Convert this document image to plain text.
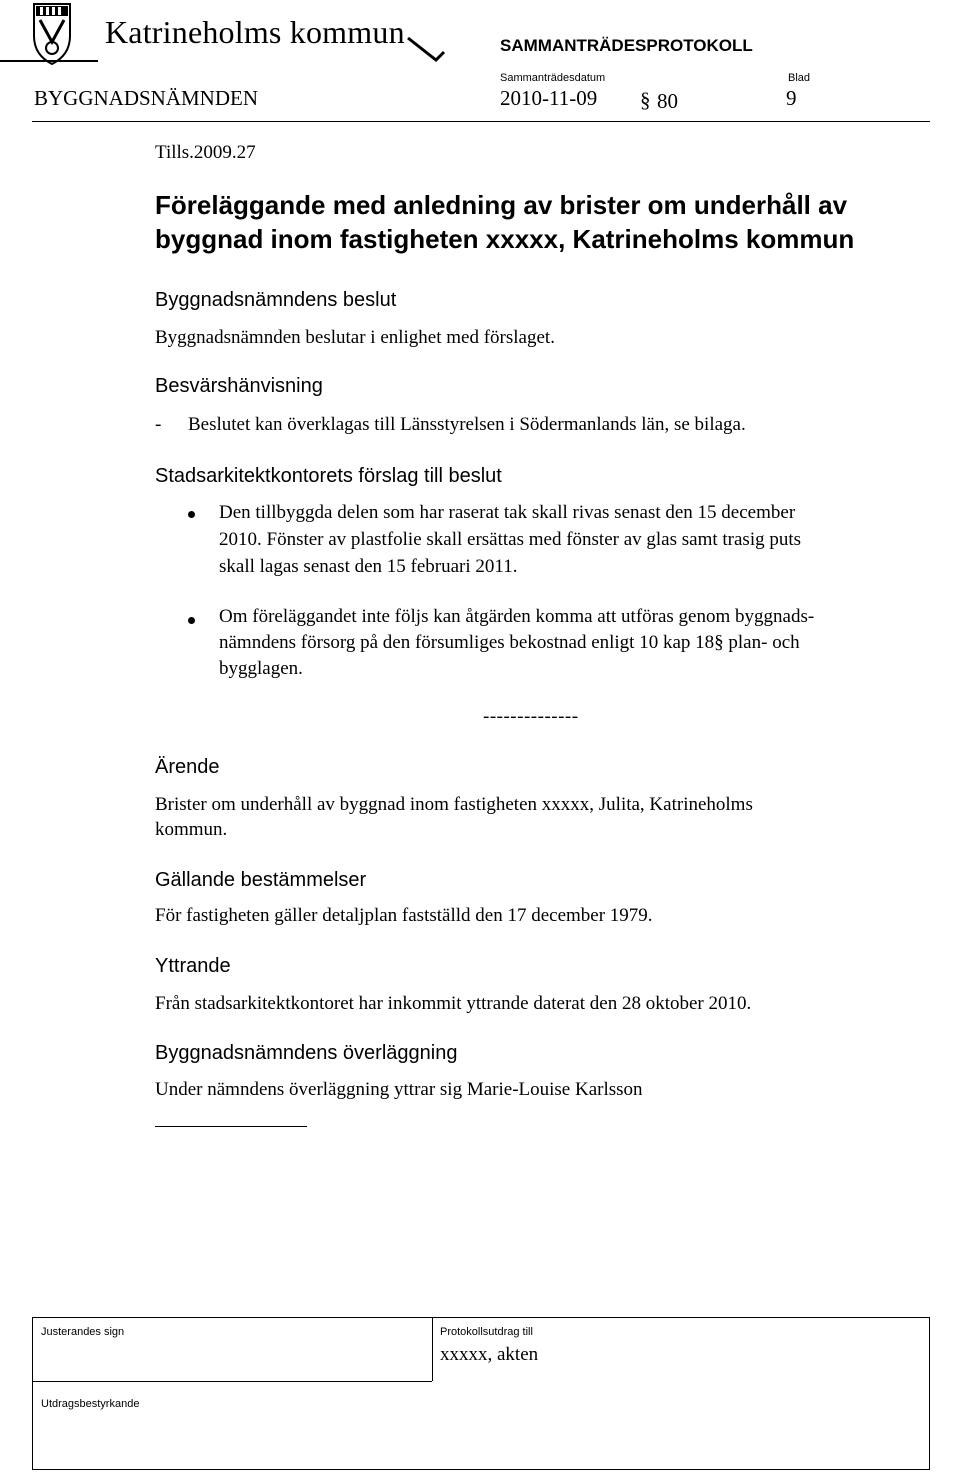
Katrineholms kommun	SAMMANTRÄDESPROTOKOLL
Sammanträdesdatum	Blad
BYGGNADSNÄMNDEN	2010-11-09 § 80	9
Tills.2009.27
Föreläggande med anledning av brister om underhåll av
byggnad inom fastigheten xxxxx, Katrineholms kommun
Byggnadsnämndens beslut
Byggnadsnämnden beslutar i enlighet med förslaget.
Besvärshänvisning
- Beslutet kan överklagas till Länsstyrelsen i Södermanlands län, se bilaga.
Stadsarkitektkontorets förslag till beslut
Den tillbyggda delen som har raserat tak skall rivas senast den 15 december
2010. Fönster av plastfolie skall ersättas med fönster av glas samt trasig puts
skall lagas senast den 15 februari 2011.
Om föreläggandet inte följs kan åtgärden komma att utföras genom byggnads-
nämndens försorg på den försumliges bekostnad enligt 10 kap 18§ plan- och
bygglagen.
--------------
Ärende
Brister om underhåll av byggnad inom fastigheten xxxxx, Julita, Katrineholms
kommun.
Gällande bestämmelser
För fastigheten gäller detaljplan fastställd den 17 december 1979.
Yttrande
Från stadsarkitektkontoret har inkommit yttrande daterat den 28 oktober 2010.
Byggnadsnämndens överläggning
Under nämndens överläggning yttrar sig Marie-Louise Karlsson
Justerandes sign	Protokollsutdrag till
xxxxx, akten
Utdragsbestyrkande
